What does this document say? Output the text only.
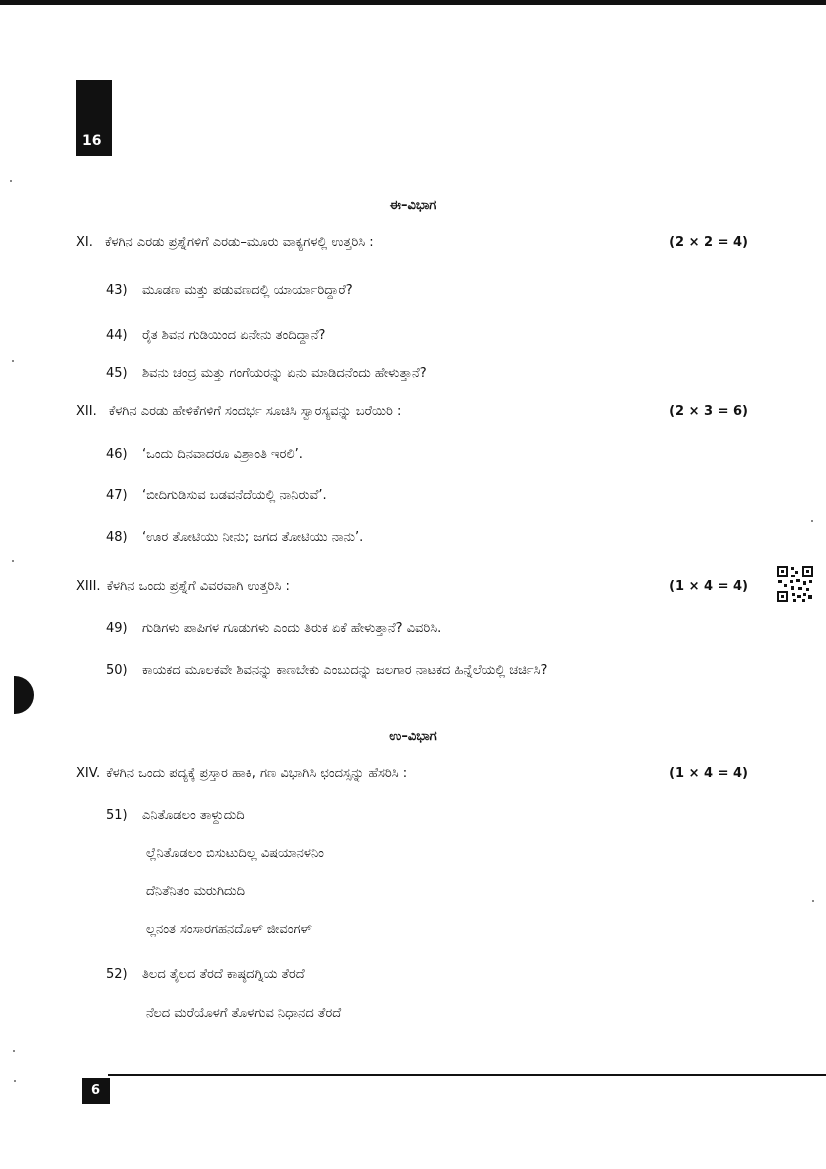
16
ಈ–ವಿಭಾಗ
XI. ಕೆಳಗಿನ ಎರಡು ಪ್ರಶ್ನೆಗಳಿಗೆ ಎರಡು–ಮೂರು ವಾಕ್ಯಗಳಲ್ಲಿ ಉತ್ತರಿಸಿ :	(2 × 2 = 4)
43) ಮೂಡಣ ಮತ್ತು ಪಡುವಣದಲ್ಲಿ ಯಾರ್ಯಾರಿದ್ದಾರೆ?
44) ರೈತ ಶಿವನ ಗುಡಿಯಿಂದ ಏನೇನು ತಂದಿದ್ದಾನೆ?
45) ಶಿವನು ಚಂದ್ರ ಮತ್ತು ಗಂಗೆಯರನ್ನು ಏನು ಮಾಡಿದನೆಂದು ಹೇಳುತ್ತಾನೆ?
XII. ಕೆಳಗಿನ ಎರಡು ಹೇಳಿಕೆಗಳಿಗೆ ಸಂದರ್ಭ ಸೂಚಿಸಿ ಸ್ವಾರಸ್ಯವನ್ನು ಬರೆಯಿರಿ :	(2 × 3 = 6)
46) ‘ಒಂದು ದಿನವಾದರೂ ವಿಶ್ರಾಂತಿ ಇರಲಿ’.
47) ‘ಬೀದಿಗುಡಿಸುವ ಬಡವನೆದೆಯಲ್ಲಿ ನಾನಿರುವೆ’.
48) ‘ಊರ ತೋಟಿಯು ನೀನು; ಜಗದ ತೋಟಿಯು ನಾನು’.
XIII. ಕೆಳಗಿನ ಒಂದು ಪ್ರಶ್ನೆಗೆ ವಿವರವಾಗಿ ಉತ್ತರಿಸಿ :	(1 × 4 = 4)
49) ಗುಡಿಗಳು ಪಾಪಿಗಳ ಗೂಡುಗಳು ಎಂದು ತಿರುಕ ಏಕೆ ಹೇಳುತ್ತಾನೆ? ವಿವರಿಸಿ.
50) ಕಾಯಕದ ಮೂಲಕವೇ ಶಿವನನ್ನು ಕಾಣಬೇಕು ಎಂಬುದನ್ನು ಜಲಗಾರ ನಾಟಕದ ಹಿನ್ನೆಲೆಯಲ್ಲಿ ಚರ್ಚಿಸಿ?
ಉ–ವಿಭಾಗ
XIV. ಕೆಳಗಿನ ಒಂದು ಪದ್ಯಕ್ಕೆ ಪ್ರಸ್ತಾರ ಹಾಕಿ, ಗಣ ವಿಭಾಗಿಸಿ ಛಂದಸ್ಸನ್ನು ಹೆಸರಿಸಿ :	(1 × 4 = 4)
51) ಎನಿತೊಡಲಂ ತಾಳ್ದುದುದಿ
ಲ್ಲೆನಿತೊಡಲಂ ಬಿಸುಟುದಿಲ್ಲ ವಿಷಯಾನಳನಿಂ
ದೆನಿತೆನಿತಂ ಮರುಗಿದುದಿ
ಲ್ಲನಂತ ಸಂಸಾರಗಹನದೊಳ್ ಜೀವಂಗಳ್
52) ತಿಲದ ತೈಲದ ತೆರದೆ ಕಾಷ್ಠದಗ್ನಿಯ ತೆರದೆ
ನೆಲದ ಮರೆಯೊಳಗೆ ತೊಳಗುವ ನಿಧಾನದ ತೆರದೆ
6
